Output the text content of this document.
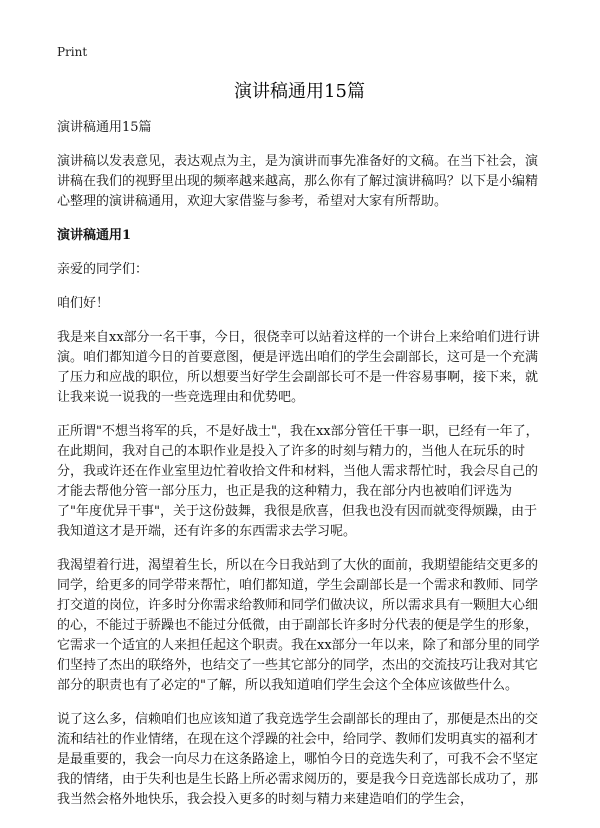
Print
演讲稿通用15篇

演讲稿通用15篇

演讲稿以发表意见，表达观点为主，是为演讲而事先准备好的文稿。在当下社会，演讲稿在我们的视野里出现的频率越来越高，那么你有了解过演讲稿吗？以下是小编精心整理的演讲稿通用，欢迎大家借鉴与参考，希望对大家有所帮助。

演讲稿通用1

亲爱的同学们：

咱们好！

我是来自xx部分一名干事，今日，很侥幸可以站着这样的一个讲台上来给咱们进行讲演。咱们都知道今日的首要意图，便是评选出咱们的学生会副部长，这可是一个充满了压力和应战的职位，所以想要当好学生会副部长可不是一件容易事啊，接下来，就让我来说一说我的一些竞选理由和优势吧。

正所谓"不想当将军的兵，不是好战士"，我在xx部分管任干事一职，已经有一年了，在此期间，我对自己的本职作业是投入了许多的时刻与精力的，当他人在玩乐的时分，我或许还在作业室里边忙着收拾文件和材料，当他人需求帮忙时，我会尽自己的才能去帮他分管一部分压力，也正是我的这种精力，我在部分内也被咱们评选为了"年度优异干事"，关于这份鼓舞，我很是欣喜，但我也没有因而就变得烦躁，由于我知道这才是开端，还有许多的东西需求去学习呢。

我渴望着行进，渴望着生长，所以在今日我站到了大伙的面前，我期望能结交更多的同学，给更多的同学带来帮忙，咱们都知道，学生会副部长是一个需求和教师、同学打交道的岗位，许多时分你需求给教师和同学们做决议，所以需求具有一颗胆大心细的心，不能过于骄躁也不能过分低微，由于副部长许多时分代表的便是学生的形象，它需求一个适宜的人来担任起这个职责。我在xx部分一年以来，除了和部分里的同学们坚持了杰出的联络外，也结交了一些其它部分的同学，杰出的交流技巧让我对其它部分的职责也有了必定的"了解，所以我知道咱们学生会这个全体应该做些什么。

说了这么多，信赖咱们也应该知道了我竞选学生会副部长的理由了，那便是杰出的交流和结社的作业情绪，在现在这个浮躁的社会中，给同学、教师们发明真实的福利才是最重要的，我会一向尽力在这条路途上，哪怕今日的竞选失利了，可我不会不坚定我的情绪，由于失利也是生长路上所必需求阅历的，要是我今日竞选部长成功了，那我当然会格外地快乐，我会投入更多的时刻与精力来建造咱们的学生会，
